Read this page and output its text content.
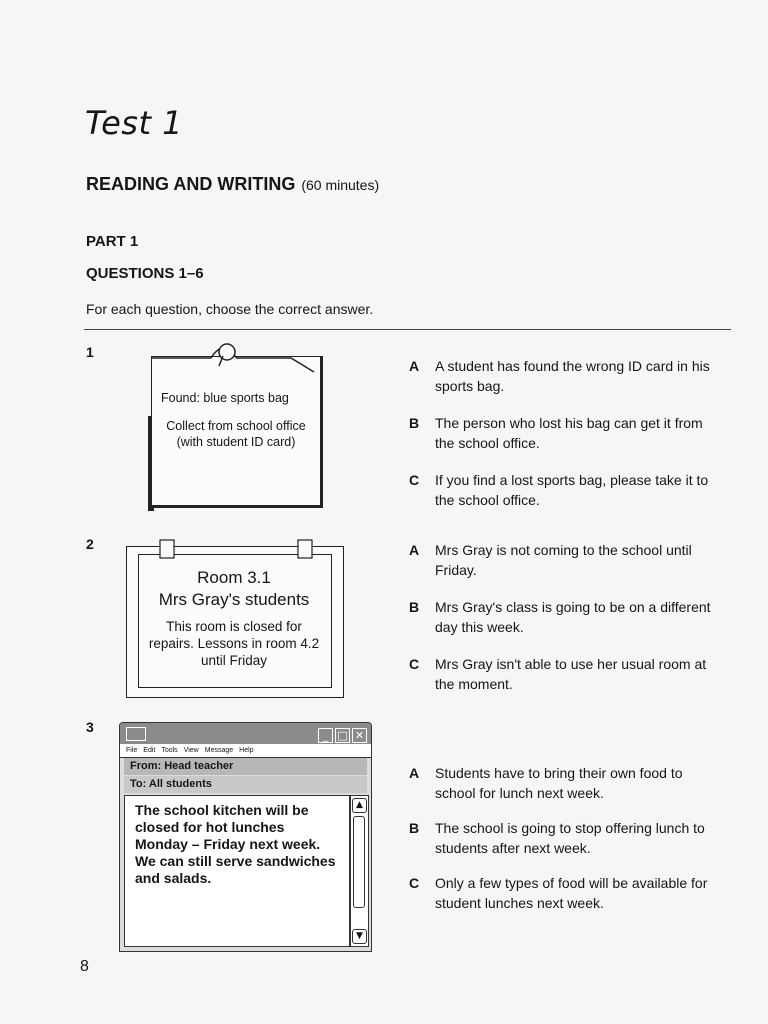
Test 1
READING AND WRITING (60 minutes)
PART 1
QUESTIONS 1–6
For each question, choose the correct answer.
1
Found: blue sports bag
Collect from school office
(with student ID card)
A A student has found the wrong ID card in his sports bag.
B The person who lost his bag can get it from the school office.
C If you find a lost sports bag, please take it to the school office.
2
Room 3.1
Mrs Gray's students
This room is closed for repairs. Lessons in room 4.2 until Friday
A Mrs Gray is not coming to the school until Friday.
B Mrs Gray's class is going to be on a different day this week.
C Mrs Gray isn't able to use her usual room at the moment.
3
_ □ ✕
File Edit Tools View Message Help
From: Head teacher
To: All students
The school kitchen will be closed for hot lunches Monday – Friday next week. We can still serve sandwiches and salads.
▲
▼
A Students have to bring their own food to school for lunch next week.
B The school is going to stop offering lunch to students after next week.
C Only a few types of food will be available for student lunches next week.
8
